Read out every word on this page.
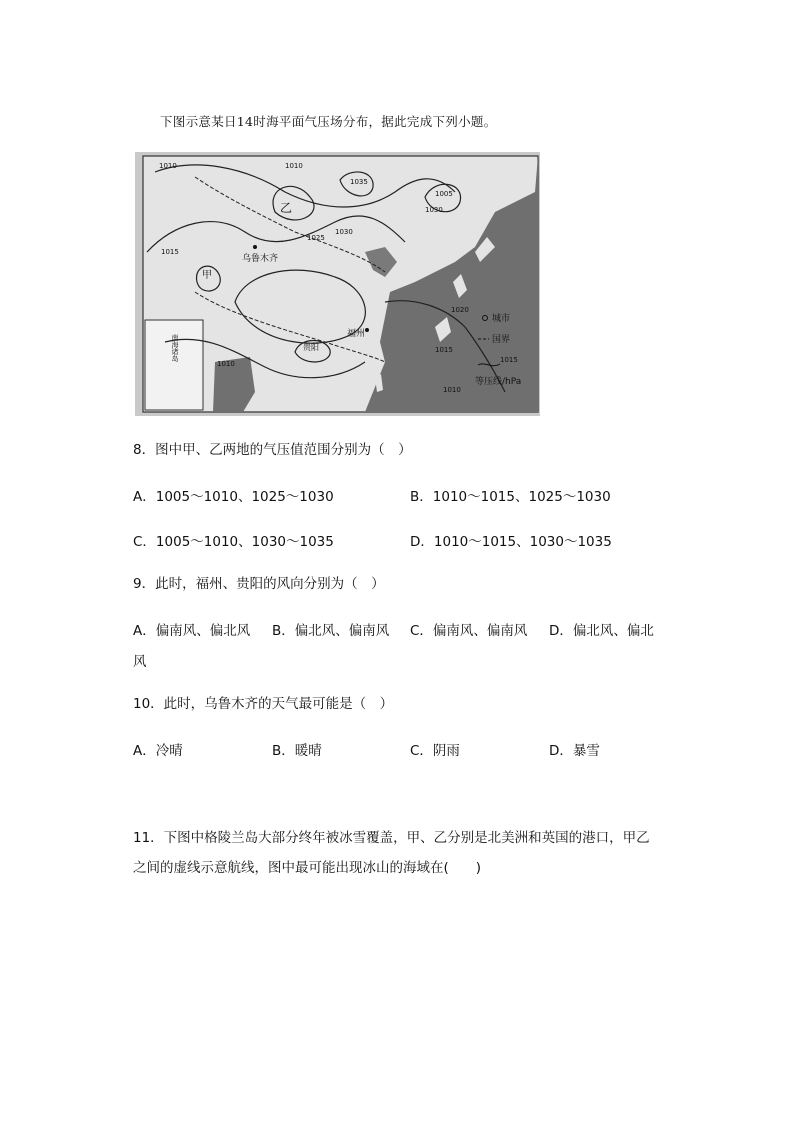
下图示意某日14时海平面气压场分布，据此完成下列小题。
1010
1015
1025
1030
1035
1005
1030
1020
1015
1010
1010
1010
乙
甲
乌鲁木齐
福州
贵阳
南海诸岛
城市
国界
1015
等压线/hPa
8．图中甲、乙两地的气压值范围分别为（　）
A．1005～1010、1025～1030	B．1010～1015、1025～1030
C．1005～1010、1030～1035	D．1010～1015、1030～1035
9．此时，福州、贵阳的风向分别为（　）
A．偏南风、偏北风 B．偏北风、偏南风 C．偏南风、偏南风 D．偏北风、偏北
风
10．此时，乌鲁木齐的天气最可能是（　）
A．冷晴	B．暖晴	C．阴雨	D．暴雪
11．下图中格陵兰岛大部分终年被冰雪覆盖，甲、乙分别是北美洲和英国的港口，甲乙
之间的虚线示意航线，图中最可能出现冰山的海域在(　　)
